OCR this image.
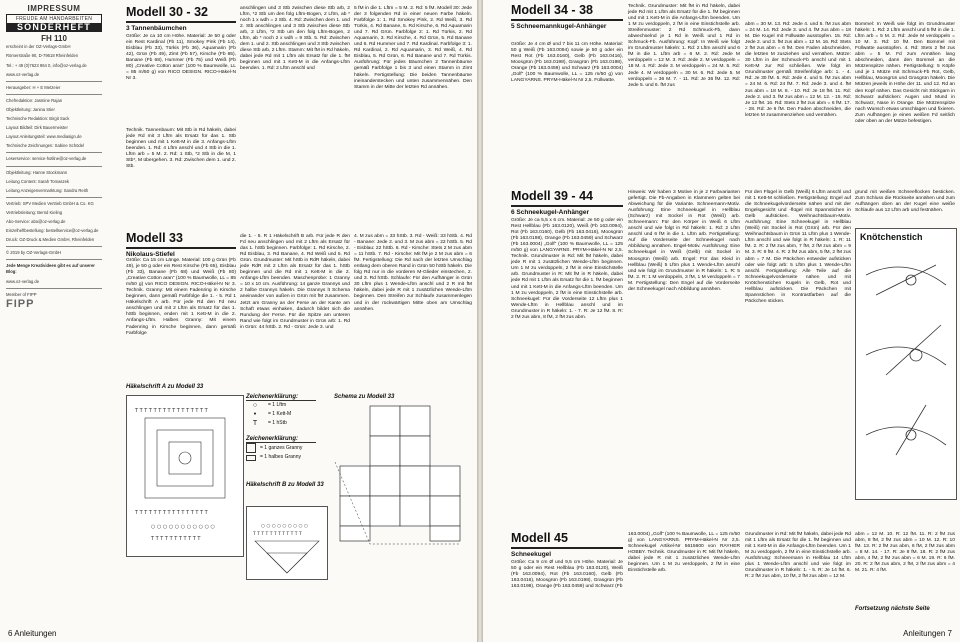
IMPRESSUM
FREUDE AM HANDARBEITEN
SONDERHEFT
FH 110

erscheint in der OZ-Verlags-GmbH

Römerstraße 90, D-79618 Rheinfelden

Tel.: + 49 (0)7623 964 0, info@oz-verlag.de

www.oz-verlag.de

Herausgeber: H + E Metzeier

Chefredaktion: Jasmine Rajan

Objektleitung: Janina Stier

Technische Redaktion: Birgit Sack

Layout Bildteil: Dirk Bauermeister

Layout Anleitungsteil: www.mediasign.de

Technische Zeichnungen: Sabine Schödel

Leserservice: service-hotline@oz-verlag.de

Objektleitung: Hanne Stockmann

Leitung Content: Sarah Tomaszek

Leitung Anzeigenvermarktung: Sandra Reith

Vertrieb: SPV Medien Vertrieb GmbH & Co. KG

Vertriebsleitung: Bernd Kieling

Abo-Service: abo@oz-verlag.de

Einzelheftbestellung: bestellservice@oz-verlag.de

Druck: OZ-Druck & Medien GmbH, Rheinfelden

© 2019 by OZ-Verlags-GmbH

Jede Menge Kreativideen gibt es auf unserer Blog:

www.oz-verlag.de

Member of FIPP

FIPP
Modell 30 - 32
3 Tannenbäumchen
Größe: Je ca 10 cm Höhe. Material: Je 50 g oder ein Rest Kardinal (Fb 11), Smokey Pink (Fb 14), Eisblau (Fb 33), Türkis (Fb 36), Aquamarin (Fb 42), Grün (Fb 49), Zimt (Fb 57), Kirsche (Fb 65), Banane (Fb 68), Hummer (Fb 75) und Weiß (Fb 80) „Creative Cotton aran“ (100 % Baumwolle, LL = 85 m/50 g) von RICO DESIGN. RICO-Häkel-N Nr 3.
Technik. Tannenbaum: Mit Stb in Rd häkeln, dabei jede Rd mit 3 Lftm als Ersatz für das 1. Stb beginnen und mit 1 Kett-M in die 3. Anfangs-Lftm beenden. 1. Rd: 4 Lftm anschl und 4 Stb in die 1. Lftm arb = 5 M. 2. Rd: 1 Stb, *2 Stb in die M, 1 Stb*, M übergehen. 3. Rd: Zwischen dem 1. und 2. Stb.
anschlingen und 3 Stb zwischen diese Stb arb, 2 Lftm, *2 Stb um den folg Lftm-Bogen, 2 Lftm, ab * noch 1 x wdh = 2 Stb. 4. Rd: Zwischen dem 1. und 2. Stb anschlingen und 3 Stb zwischen diese Stb arb, 2 Lftm, *2 Stb um den folg Lftm-Bogen, 2 Lftm, ab * noch 2 x wdh = 9 Stb. 5. Rd: Zwischen dem 1. und 2. Stb anschlingen und 3 Stb zwischen diese Stb arb, 2 Lftm. Stamm: Mit fM in Rd häkeln, dabei jede Rd mit 1 Lftm als Ersatz für die 1. fM beginnen und mit 1 Kett-M in die Anfangs-Lftm beenden. 1. Rd: 2 Lftm anschl und
5 fM in die 1. Lftm = 5 M. 2. Rd: 5 fM. Modell 30: Jede der 3 folgenden Rd in einer neuen Farbe häkeln. Farbfolge 1: 1. Rd Smokey Pink, 2. Rd Weiß, 3. Rd Türkis, 4. Rd Banane, 5. Rd Kirsche, 6. Rd Aquamarin und 7. Rd Grün. Farbfolge 2: 1. Rd Türkis, 2. Rd Aquamarin, 3. Rd Kirsche, 4. Rd Grün, 5. Rd Banane und 6. Rd Hummer und 7. Rd Kardinal. Farbfolge 3: 1. Rd Kardinal, 2. Rd Aquamarin, 3. Rd Weiß, 4. Rd Eisblau, 5. Rd Grün, 6. Rd Banane und 7. Rd Türkis. Ausführung: Für jedes Bäumchen 2 Tannenbäume gemäß Farbfolge 1 bis 3 und einen Stamm in Zimt häkeln. Fertigstellung: Die beiden Tannenbäume ineinanderstecken und unten zusammennähen. Den Stamm in der Mitte der letzten Rd annähen.
Modell 33
Nikolaus-Stiefel
Größe: Ca 15 cm Länge. Material: 100 g Grün (Fb 49), je 50 g oder ein Rest Kirsche (Fb 65), Eisblau (Fb 33), Banane (Fb 68) und Weiß (Fb 80) „Creative Cotton aran“ (100 % Baumwolle, LL = 85 m/50 g) von RICO DESIGN. RICO-Häkel-N Nr 3. Technik. Granny: Mit einem Fadenring in Kirsche beginnen, dann gemäß Farbfolge die 1. - 5. Rd 1 Häkelschrift A arb. Für jede Rd den Fd neu anschlingen und mit 2 Lftm als Ersatz für das 1. hStb beginnen, enden mit 1 Kett-M in die 2. Anfangs-Lftm. Halbes Granny: Mit einem Fadenring in Kirsche beginnen, dann gemäß Farbfolge
die 1. - 5. R 1 Häkelschrift B arb. Für jede R den Fd neu anschlingen und mit 2 Lftm als Ersatz für das 1. hStb beginnen. Farbfolge: 1. Rd Kirsche, 2. Rd Eisblau, 3. Rd Banane, 4. Rd Weiß und 5. Rd Grün. Grundmuster: Mit hStb in RdR häkeln, dabei jede RdR mit 2 Lftm als Ersatz für das 1. hStb beginnen und die Rd mit 1 Kett-M in die 2. Anfangs-Lftm beenden. Maschenprobe: 1 Granny = 10 x 10 cm. Ausführung: 14 ganze Grannys und 2 halbe Grannys häkeln. Die Grannys lt Schema aneinander von außen in Grün mit fM zusammen. Jetzt am Granny an der Ferse an der Kante am Schaft etwas einhaken, dadurch bildet sich die Rundung der Ferse. Für die Spitze am unteren Rand wie folgt im Grundmuster in Grün arb: 1. Rd in Grün: 44 hStb. 2. Rd - Grün: Jede 3. und
4. M zus abm = 33 hStb. 3. Rd - Weiß: 33 hStb. 4. Rd - Banane: Jede 2. und 3. M zus abm = 22 hStb. 5. Rd - Eisblau: 22 hStb. 6. Rd - Kirsche: Stets 2 M zus abm = 11 hStb. 7. Rd - Kirsche: Mit fM je 2 M zus abm = 6 fM. Fertigstellung: Die Rd nach der letzten Umschlag entlang dem oberen Rand in Grün 50 hStb häkeln. Die folg Rd nur in die vorderen M-Glieder einstechen, 2. und 3. Rd hStb. Schlaufe: Für den Aufhänger in Grün 30 Lftm plus 1 Wende-Lftm anschl und 2 R mit fM häkeln, dabei jede R mit 1 zusätzlichen Wende-Lftm beginnen. Den Streifen zur Schlaufe zusammenlegen und in der rückwärtigen Mitte oben am Umschlag annähen.
Häkelschrift A zu Modell 33
T T T T T T T T T T T T T T T T
T T T T T T T T T T T T T T T T
○ ○ ○ ○ ○ ○ ○ ○ ○ ○ ○
T T T T T T T T T T T
Zeichenerklärung:
○	= 1 Lftm
•	= 1 Kett-M
T	= 1 hStb
Zeichenerklärung:
= 1 ganzes Granny
= 1 halbes Granny
Schema zu Modell 33
Häkelschrift B zu Modell 33
T T T T T T T T T T T T
○ ○ ○ ○ ○ ○ ○ ○ ○
6 Anleitungen
Modell 34 - 38
5 Schneemannkugel-Anhänger
Größe: Je 4 cm Ø und 7 bis 11 cm Höhe. Material: 50 g Weiß (Fb 163.0094) sowie je 50 g oder ein Rest Rot (Fb 163.0160), Gelb (Fb 163.0416), Moosgrün (Fb 163.0198), Grasgrün (Fb 163.0198), Orange (Fb 163.0459) und Schwarz (Fb 163.0004) „Golf“ (100 % Baumwolle, LL = 125 m/50 g) von LANGYARNS. PRYM-Häkel-N Nr 2,5. Füllwatte.
Technik. Grundmuster: Mit fM in Rd häkeln, dabei jede Rd mit 1 Lftm als Ersatz für die 1. fM beginnen und mit 1 Kett-M in die Anfangs-Lftm beenden. Um 1 M zu verdoppeln, 2 fM in eine Einstichstelle arb. Streifenmuster: 2 Rd Schmuck-Fb, dann abwechselnd je 1 Rd in Weiß und 1 Rd in Schmuck-Fb. Ausführung: Kopf: In Weiß wie folgt im Grundmuster häkeln: 1. Rd: 2 Lftm anschl und 6 fM in die 1. Lftm arb = 6 M. 2. Rd: Jede M verdoppeln = 12 M. 3. Rd: Jede 2. M verdoppeln = 18 M. 4. Rd: Jede 3. M verdoppeln = 24 M. 5. Rd: Jede 4. M verdoppeln = 30 M. 6. Rd: Jede 5. M verdoppeln = 36 M. 7. - 11. Rd: Je 36 fM. 12. Rd: Jede 5. und 6. fM zus
abm = 30 M. 13. Rd: Jede 4. und 5. fM zus abm = 24 M. 14. Rd: Jede 3. und 4. fM zus abm = 18 M. Die Kugel mit Füllwatte ausstopfen. 15. Rd: Jede 2. und 3. fM zus abm = 12 M. 16. Rd: Stets 2 fM zus abm = 6 fM. Den Faden abschneiden, die letzten M zusziehen und vernähen. Mütze: 30 Lftm in der Schmuck-Fb anschl und mit 1 Kett-M zur Rd schließen. Wie folgt im Grundmuster gemäß Streifenfolge arb: 1. - 4. Rd: Je 30 fM. 5. Rd: Jede 4. und 5. fM zus abm = 24 M. 6. Rd: 24 fM. 7. Rd: Jede 3. und 4. fM zus abm = 18 M. 8. - 10. Rd: Je 18 fM. 11. Rd: Jede 2. und 3. fM zus abm = 12 M. 12. - 15. Rd: Je 12 fM. 16. Rd: Stets 2 fM zus abm = 6 fM. 17. - 28. Rd: Je 6 fM. Den Faden abschneiden, die letzten M zusammenziehen und vernähen.
Bommel: In Weiß wie folgt im Grundmuster häkeln: 1. Rd: 2 Lftm anschl und 5 fM in die 1. Lftm arb = 5 M. 2. Rd: Jede M verdoppeln = 10 M. 3. Rd: 10 fM. Den Bommel mit Füllwatte ausstopfen. 4. Rd: Stets 2 fM zus abm = 5 M. Fd zum Annähen lang abschneiden, dann den Bommel an die Mützenspitze nähen. Fertigstellung: 5 Köpfe und je 1 Mütze mit Schmuck-Fb Rot, Gelb, Hellblau, Moosgrün und Grasgrün häkeln. Die Mützen jeweils in Höhe der 11. und 12. Rd an den Kopf nähen. Das Gesicht mit Stickgarn in Schwarz aufsticken: Augen und Mund in Schwarz, Nase in Orange. Die Mützenspitze nach Wunsch etwas umschlagen und fixieren. Zum Aufhängen je einen weißen Fd seitlich oder oben an der Mütze befestigen.
Modell 39 - 44
6 Schneekugel-Anhänger
Größe: Je ca 5,5 x 6 cm. Material: Je 50 g oder ein Rest Hellblau (Fb 163.0120), Weiß (Fb 163.0094), Rot (Fb 163.0160), Gelb (Fb 163.0416), Moosgrün (Fb 163.0198), Orange (Fb 163.0459) und Schwarz (Fb 163.0004) „Golf“ (100 % Baumwolle, LL = 125 m/50 g) von LANGYARNS. PRYM-Häkel-N Nr 2,5. Technik. Grundmuster in Rd: Mit fM häkeln, dabei jede R mit 1 zusätzlichen Wende-Lftm beginnen. Um 1 M zu verdoppeln, 2 fM in eine Einstichstelle arb. Grundmuster in R: Mit fM in R häkeln, dabei jede Rd mit 1 Lftm als Ersatz für die 1. fM beginnen und mit 1 Kett-M in die Anfangs-Lftm beenden. Um 1 M zu verdoppeln, 2 fM in eine Einstichstelle arb. Schneekugel: Für die Vorderseite 12 Lftm plus 1 Wende-Lftm in Hellblau anschl und im Grundmuster in R häkeln: 1. - 7. R: Je 12 fM. 8. R: 2 fM zus abm, 8 fM, 2 fM zus abm.
Hinweis: Wir haben 3 Motive in je 2 Farbvarianten gefertigt. Die Fb-Angaben in Klammern gelten bei Abweichung für die Variante. Schneemann-Motiv. Ausführung: Eine Schneekugel in Hellblau (Schwarz) mit Sockel in Rot (Weiß) arb. Schneemann: Für den Körper in Weiß 6 Lftm anschl und wie folgt in Rd häkeln: 1. Rd: 2 Lftm anschl und 6 fM in die 1. Lftm arb. Fertigstellung: Auf die Vorderseite der Schneekugel nach Abbildung annähen. Engel-Motiv. Ausführung: Eine Schneekugel in Weiß (Gelb) mit Sockel in Moosgrün (Weiß) arb. Engel: Für das Kleid in Hellblau (Weiß) 5 Lftm plus 1 Wende-Lftm anschl und wie folgt im Grundmuster in R häkeln: 1. R: 5 fM. 2. R: 1 M verdoppeln, 3 fM, 1 M verdoppeln = 7 M. Fertigstellung: Den Engel auf die Vorderseite der Schneekugel nach Abbildung annähen.
Für den Flügel in Gelb (Weiß) 6 Lftm anschl und mit 1 Kett-M schließen. Fertigstellung: Engel auf die Schneekugelvorderseite nähen und mit der Engelsgesicht und -flügel mit Spannstichen in Gelb aufsticken. Weihnachtsbaum-Motiv. Ausführung: Eine Schneekugel in Hellblau (Weiß) mit Sockel in Rot (Grün) arb. Für den Weihnachtsbaum in Grün 11 Lftm plus 1 Wende-Lftm anschl und wie folgt in R häkeln: 1. R: 11 fM. 2. R: 2 fM zus abm, 7 fM, 2 fM zus abm = 9 M. 3. R: 9 fM. 4. R: 2 fM zus abm, 5 fM, 2 fM zus abm = 7 M. Die Päckchen entweder aufsticken oder wie folgt arb: 5 Lftm plus 1 Wende-Lftm anschl. Fertigstellung: Alle Teile auf die Schneekugelvorderseite nähen und mit Knötchenstichen Kugeln in Gelb, Rot und Hellblau aufsticken. Die Päckchen mit Spannstichen in Kontrastfarben auf die Päckchen sticken.
grund mit weißen Schneeflocken besticken. Zum Schluss die Rückseite annähen und zum Aufhängen oben an der Kugel eine weiße Schlaufe aus 12 Lftm arb und festnähen.
Knötchenstich
Modell 45
Schneekugel
Größe: Ca 9 cm Ø und 9,5 cm Höhe. Material: Je 50 g oder ein Rest Hellblau (Fb 163.0120), Weiß (Fb 163.0094), Rot (Fb 163.0160), Gelb (Fb 163.0416), Moosgrün (Fb 163.0198), Grasgrün (Fb 163.0198), Orange (Fb 163.0459) und Schwarz (Fb
163.0004) „Golf“ (100 % Baumwolle, LL = 125 m/50 g) von LANGYARNS. PRYM-Häkel-N Nr 2,5. Schneekugel Artikel-Nr 5615600 von RAYHER HOBBY. Technik. Grundmuster in R: Mit fM häkeln, dabei jede R mit 1 zusätzlichen Wende-Lftm beginnen. Um 1 M zu verdoppeln, 2 fM in eine Einstichstelle arb.
Grundmuster in Rd: Mit fM häkeln, dabei jede Rd mit 1 Lftm als Ersatz für die 1. fM beginnen und mit 1 Kett-M in die Anfangs-Lftm beenden. Um 1 M zu verdoppeln, 2 fM in eine Einstichstelle arb. Ausführung: Schneemann in Hellblau 14 Lftm plus 1 Wende-Lftm anschl und wie folgt im Grundmuster in R häkeln: 1. - 5. R: Je 14 fM. 6. R: 2 fM zus abm, 10 fM, 2 fM zus abm = 12 M.
abm = 12 M. 10. R: 12 fM. 11. R: 2 fM zus abm, 8 fM, 2 fM zus abm = 10 M. 12. R: 10 fM. 13. R: 2 fM zus abm, 6 fM, 2 fM zus abm = 8 M. 14. - 17. R: Je 8 fM. 18. R: 2 fM zus abm, 4 fM, 2 fM zus abm = 6 M. 19. R: 6 fM. 20. R: 2 fM zus abm, 2 fM, 2 fM zus abm = 4 M. 21. R: 4 fM.
Fortsetzung nächste Seite
Anleitungen 7
